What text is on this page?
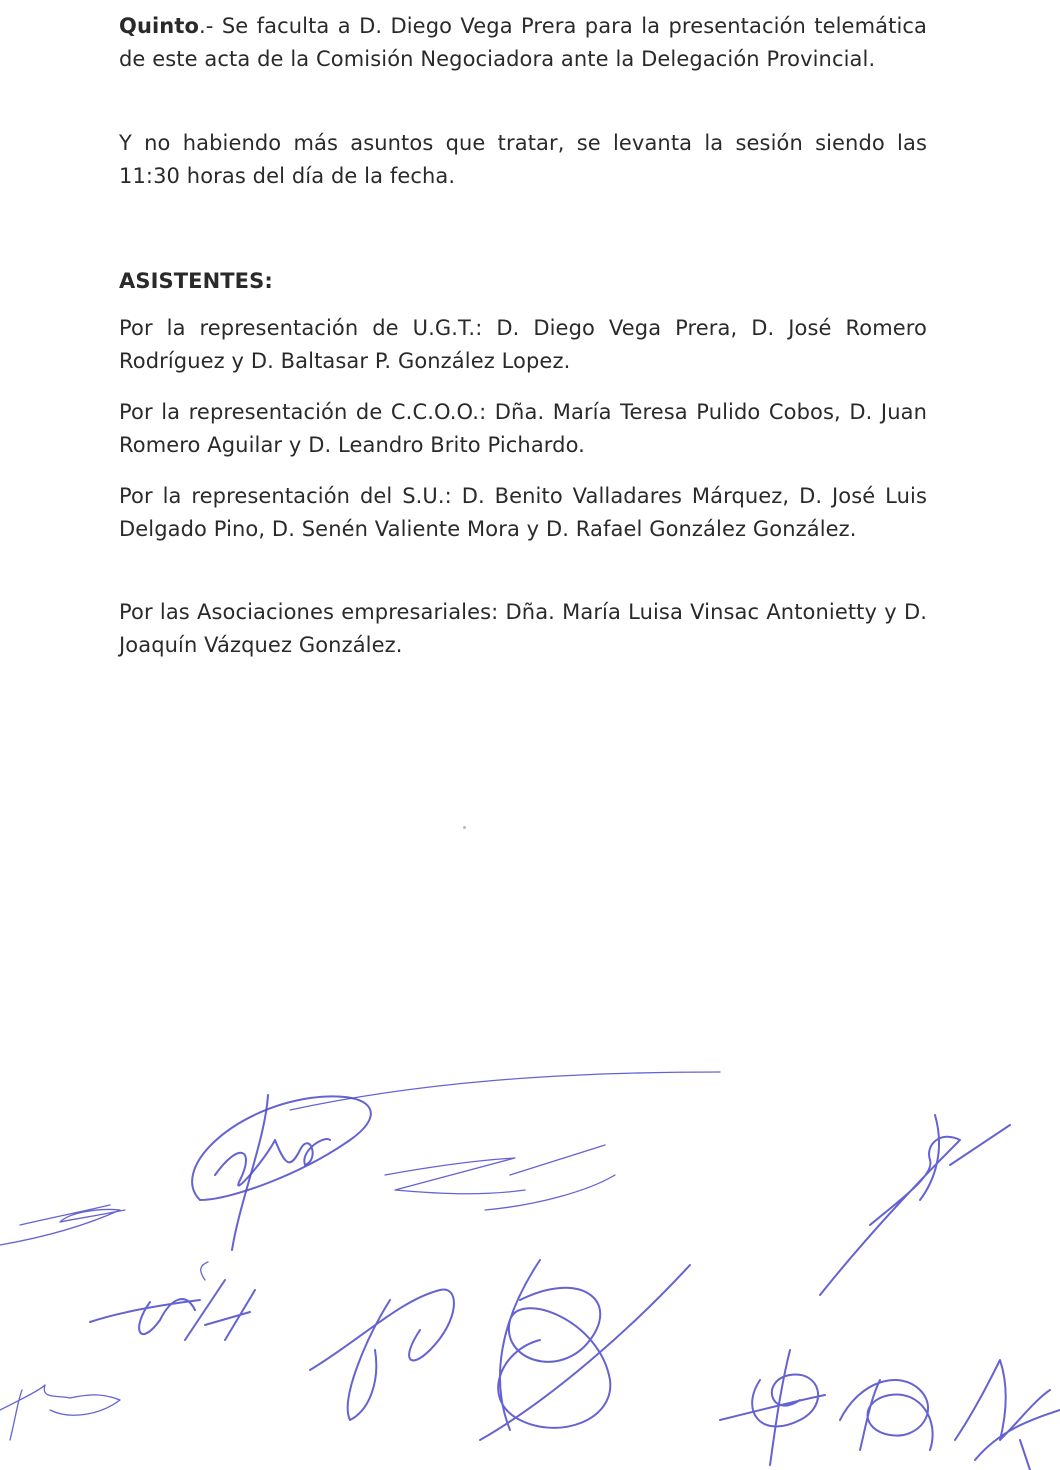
Quinto.- Se faculta a D. Diego Vega Prera para la presentación telemática de este acta de la Comisión Negociadora ante la Delegación Provincial.

Y no habiendo más asuntos que tratar, se levanta la sesión siendo las 11:30 horas del día de la fecha.

ASISTENTES:

Por la representación de U.G.T.: D. Diego Vega Prera, D. José Romero Rodríguez y D. Baltasar P. González Lopez.

Por la representación de C.C.O.O.: Dña. María Teresa Pulido Cobos, D. Juan Romero Aguilar y D. Leandro Brito Pichardo.

Por la representación del S.U.: D. Benito Valladares Márquez, D. José Luis Delgado Pino, D. Senén Valiente Mora y D. Rafael González González.

Por las Asociaciones empresariales: Dña. María Luisa Vinsac Antonietty y D. Joaquín Vázquez González.
